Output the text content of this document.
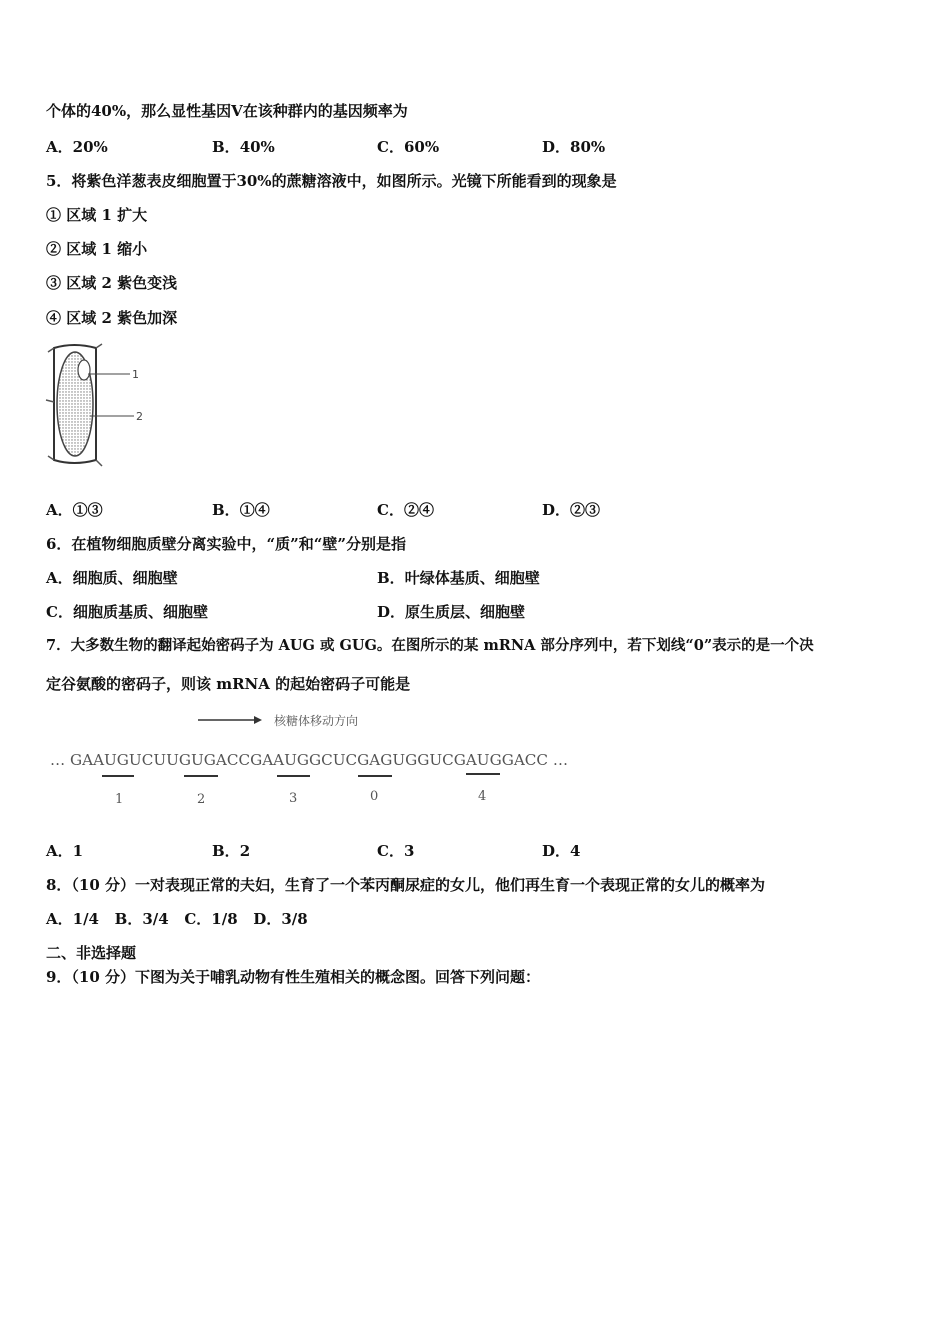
个体的40%，那么显性基因V在该种群内的基因频率为
A．20%	B．40%	C．60%	D．80%
5．将紫色洋葱表皮细胞置于30%的蔗糖溶液中，如图所示。光镜下所能看到的现象是
① 区域 1 扩大
② 区域 1 缩小
③ 区域 2 紫色变浅
④ 区域 2 紫色加深
1
2
A．①③	B．①④	C．②④	D．②③
6．在植物细胞质壁分离实验中，“质”和“壁”分别是指
A．细胞质、细胞壁	B．叶绿体基质、细胞壁
C．细胞质基质、细胞壁	D．原生质层、细胞壁
7．大多数生物的翻译起始密码子为 AUG 或 GUG。在图所示的某 mRNA 部分序列中，若下划线“0”表示的是一个决
定谷氨酸的密码子，则该 mRNA 的起始密码子可能是
核糖体移动方向
… GAAUGUCUUGUGACCGAAUGGCUCGAGUGGUCGAUGGACC …
1	2	3	0	4
A．1	B．2	C．3	D．4
8．（10 分）一对表现正常的夫妇，生育了一个苯丙酮尿症的女儿，他们再生育一个表现正常的女儿的概率为
A．1/4   B．3/4   C．1/8   D．3/8
二、非选择题
9．（10 分）下图为关于哺乳动物有性生殖相关的概念图。回答下列问题：
